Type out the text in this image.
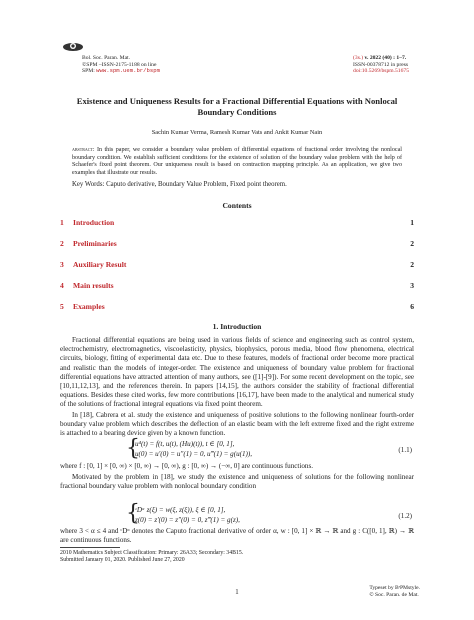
Bol. Soc. Paran. Mat.
©SPM –ISSN-2175-1188 on line
SPM: www.spm.uem.br/bspm
(3s.) v. 2022 (40) : 1–7.
ISSN-00378712 in press
doi:10.5269/bspm.51675
Existence and Uniqueness Results for a Fractional Differential Equations with Nonlocal Boundary Conditions
Sachin Kumar Verma, Ramesh Kumar Vats and Ankit Kumar Nain
abstract: In this paper, we consider a boundary value problem of differential equations of fractional order involving the nonlocal boundary condition. We establish sufficient conditions for the existence of solution of the boundary value problem with the help of Schaefer's fixed point theorem. Our uniqueness result is based on contraction mapping principle. As an application, we give two examples that illustrate our results.
Key Words: Caputo derivative, Boundary Value Problem, Fixed point theorem.
Contents
1 Introduction	1
2 Preliminaries	2
3 Auxiliary Result	2
4 Main results	3
5 Examples	6
1. Introduction
Fractional differential equations are being used in various fields of science and engineering such as control system, electrochemistry, electromagnetics, viscoelasticity, physics, biophysics, porous media, blood flow phenomena, electrical circuits, biology, fitting of experimental data etc. Due to these features, models of fractional order become more practical and realistic than the models of integer-order. The existence and uniqueness of boundary value problem for fractional differential equations have attracted attention of many authors, see ([1]-[9]). For some recent development on the topic, see [10,11,12,13], and the references therein. In papers [14,15], the authors consider the stability of fractional differential equations. Besides these cited works, few more contributions [16,17], have been made to the analytical and numerical study of the solutions of fractional integral equations via fixed point theorem.
In [18], Cabrera et al. study the existence and uniqueness of positive solutions to the following nonlinear fourth-order boundary value problem which describes the deflection of an elastic beam with the left extreme fixed and the right extreme is attached to a bearing device given by a known function.
{
u⁴(t) = f(t, u(t), (Hu)(t)), t ∈ [0, 1],
u(0) = u′(0) = u″(1) = 0, u‴(1) = g(u(1)),	(1.1)
where f : [0, 1] × [0, ∞) × [0, ∞) → [0, ∞), g : [0, ∞) → (−∞, 0] are continuous functions.
Motivated by the problem in [18], we study the existence and uniqueness of solutions for the following nonlinear fractional boundary value problem with nonlocal boundary condition
{
ᶜDᵅ z(ξ) = w(ξ, z(ξ)), ξ ∈ [0, 1],
z(0) = z′(0) = z″(0) = 0, z‴(1) = g(z),	(1.2)
where 3 < α ≤ 4 and ᶜDᵅ denotes the Caputo fractional derivative of order α, w : [0, 1] × ℝ → ℝ and g : C([0, 1], ℝ) → ℝ are continuous functions.
2010 Mathematics Subject Classification: Primary: 26A33; Secondary: 34B15.
Submitted January 01, 2020. Published June 27, 2020
1
Typeset by BˢPMstyle.
© Soc. Paran. de Mat.
